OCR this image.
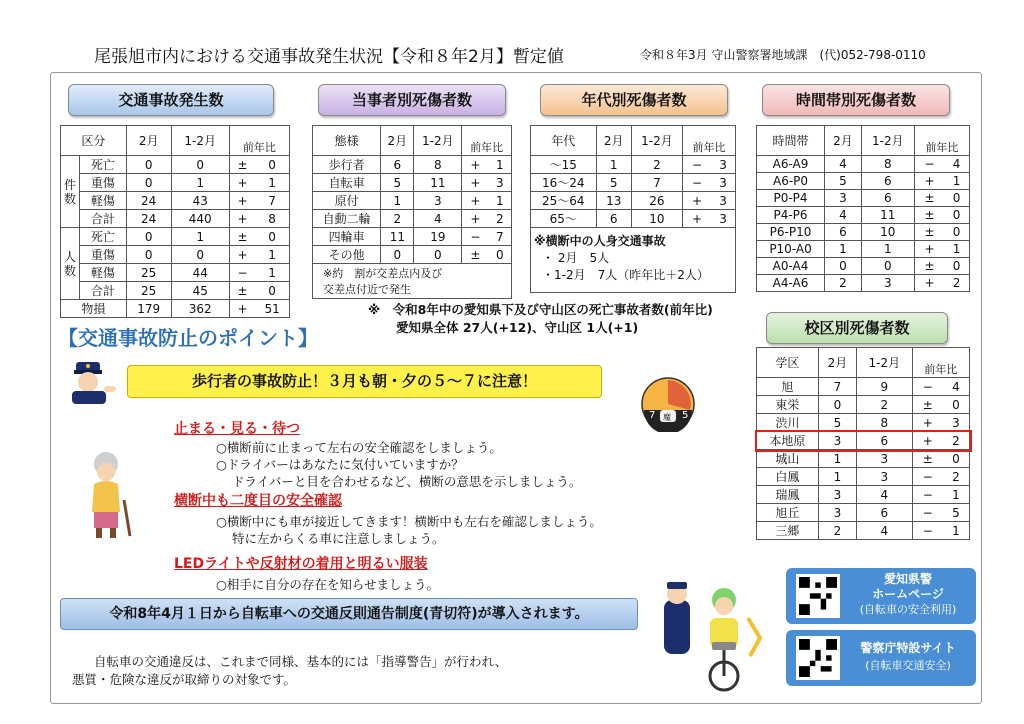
尾張旭市内における交通事故発生状況【令和８年2月】暫定値	令和８年3月 守山警察署地域課　(代)052-798-0110
交通事故発生数	当事者別死傷者数	年代別死傷者数	時間帯別死傷者数
校区別死傷者数
区分		2月	1-2月	前年比	
件
数	死亡	0	0	±	0
	重傷	0	1	+	1
	軽傷	24	43	+	7
	合計	24	440	+	8
人
数	死亡	0	1	±	0
	重傷	0	0	+	1
	軽傷	25	44	−	1
	合計	25	45	±	0
物損		179	362	+	51
態様	2月	1-2月	前年比	
歩行者	6	8	+	1
自転車	5	11	+	3
原付	1	3	+	1
自動二輪	2	4	+	2
四輪車	11	19	−	7
その他	0	0	±	0
※約　割が交差点内及び
交差点付近で発生				
年代	2月	1-2月	前年比	
～15	1	2	−	3
16～24	5	7	−	3
25～64	13	26	+	3
65～	6	10	+	3

※横断中の人身交通事故
・ 2月　5人
・1-2月　7人（昨年比＋2人）				
時間帯	2月	1-2月	前年比	
A6-A9	4	8	−	4
A6-P0	5	6	+	1
P0-P4	3	6	±	0
P4-P6	4	11	±	0
P6-P10	6	10	±	0
P10-A0	1	1	+	1
A0-A4	0	0	±	0
A4-A6	2	3	+	2
※　令和8年中の愛知県下及び守山区の死亡事故者数(前年比)
愛知県全体 27人(+12)、守山区 1人(+1)
学区	2月	1-2月	前年比	
旭	7	9	−	4
東栄	0	2	±	0
渋川	5	8	+	3
本地原	3	6	+	2
城山	1	3	±	0
白鳳	1	3	−	2
瑞鳳	3	4	−	1
旭丘	3	6	−	5
三郷	2	4	−	1
【交通事故防止のポイント】
歩行者の事故防止！３月も朝・夕の５～７に注意！
7	5
魔
止まる・見る・待つ
○横断前に止まって左右の安全確認をしましょう。
○ドライバーはあなたに気付いていますか？
ドライバーと目を合わせるなど、横断の意思を示しましょう。
横断中も二度目の安全確認
○横断中にも車が接近してきます！横断中も左右を確認しましょう。
特に左からくる車に注意しましょう。
LEDライトや反射材の着用と明るい服装
○相手に自分の存在を知らせましょう。
令和8年4月１日から自転車への交通反則通告制度(青切符)が導入されます。
自転車の交通違反は、これまで同様、基本的には「指導警告」が行われ、
悪質・危険な違反が取締りの対象です。
愛知県警
ホームページ
(自転車の安全利用)
警察庁特設サイト
(自転車交通安全)
